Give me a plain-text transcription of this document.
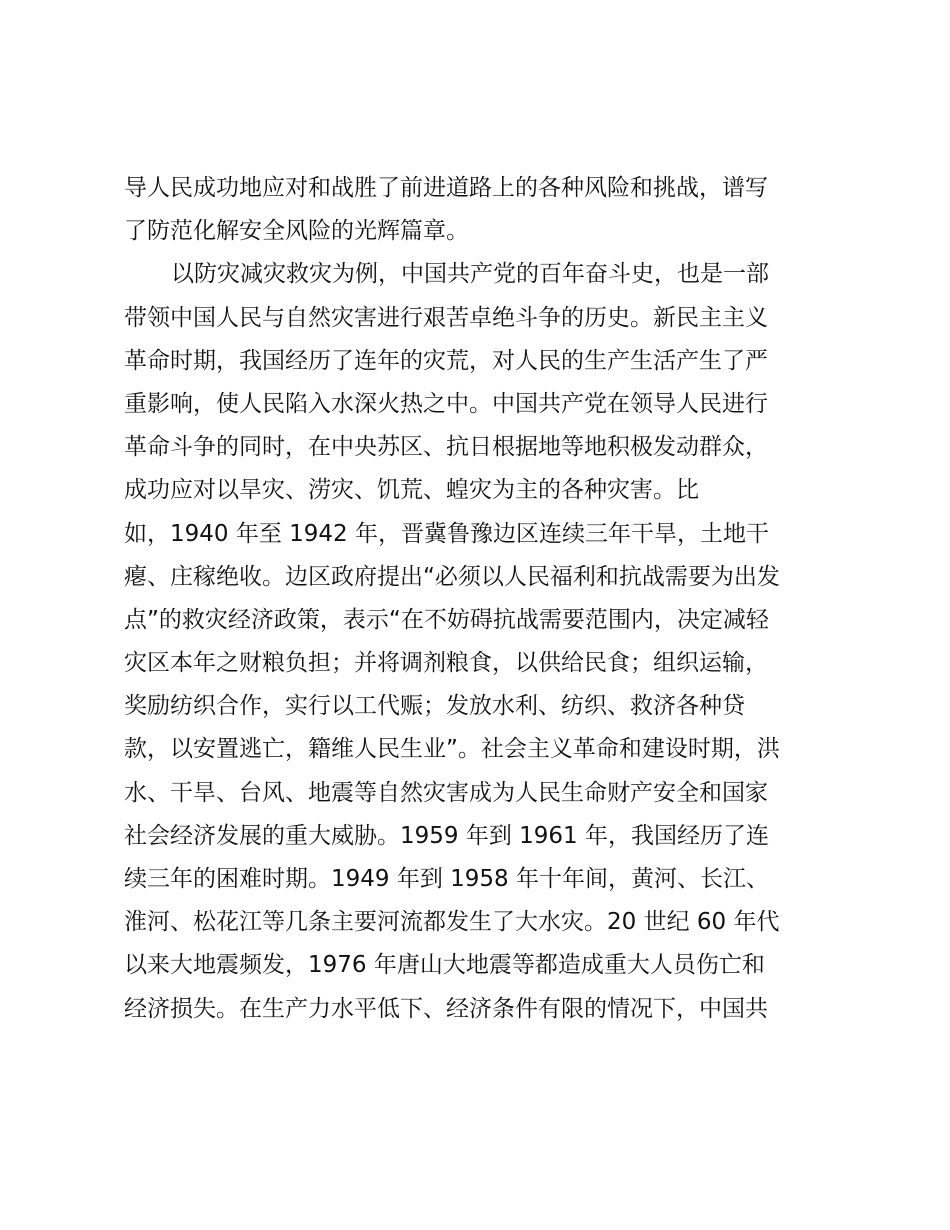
导人民成功地应对和战胜了前进道路上的各种风险和挑战，谱写
了防范化解安全风险的光辉篇章。
以防灾减灾救灾为例，中国共产党的百年奋斗史，也是一部
带领中国人民与自然灾害进行艰苦卓绝斗争的历史。新民主主义
革命时期，我国经历了连年的灾荒，对人民的生产生活产生了严
重影响，使人民陷入水深火热之中。中国共产党在领导人民进行
革命斗争的同时，在中央苏区、抗日根据地等地积极发动群众，
成功应对以旱灾、涝灾、饥荒、蝗灾为主的各种灾害。比
如，1940 年至 1942 年，晋冀鲁豫边区连续三年干旱，土地干
瘪、庄稼绝收。边区政府提出“必须以人民福利和抗战需要为出发
点”的救灾经济政策，表示“在不妨碍抗战需要范围内，决定减轻
灾区本年之财粮负担；并将调剂粮食，以供给民食；组织运输，
奖励纺织合作，实行以工代赈；发放水利、纺织、救济各种贷
款，以安置逃亡，籍维人民生业”。社会主义革命和建设时期，洪
水、干旱、台风、地震等自然灾害成为人民生命财产安全和国家
社会经济发展的重大威胁。1959 年到 1961 年，我国经历了连
续三年的困难时期。1949 年到 1958 年十年间，黄河、长江、
淮河、松花江等几条主要河流都发生了大水灾。20 世纪 60 年代
以来大地震频发，1976 年唐山大地震等都造成重大人员伤亡和
经济损失。在生产力水平低下、经济条件有限的情况下，中国共
